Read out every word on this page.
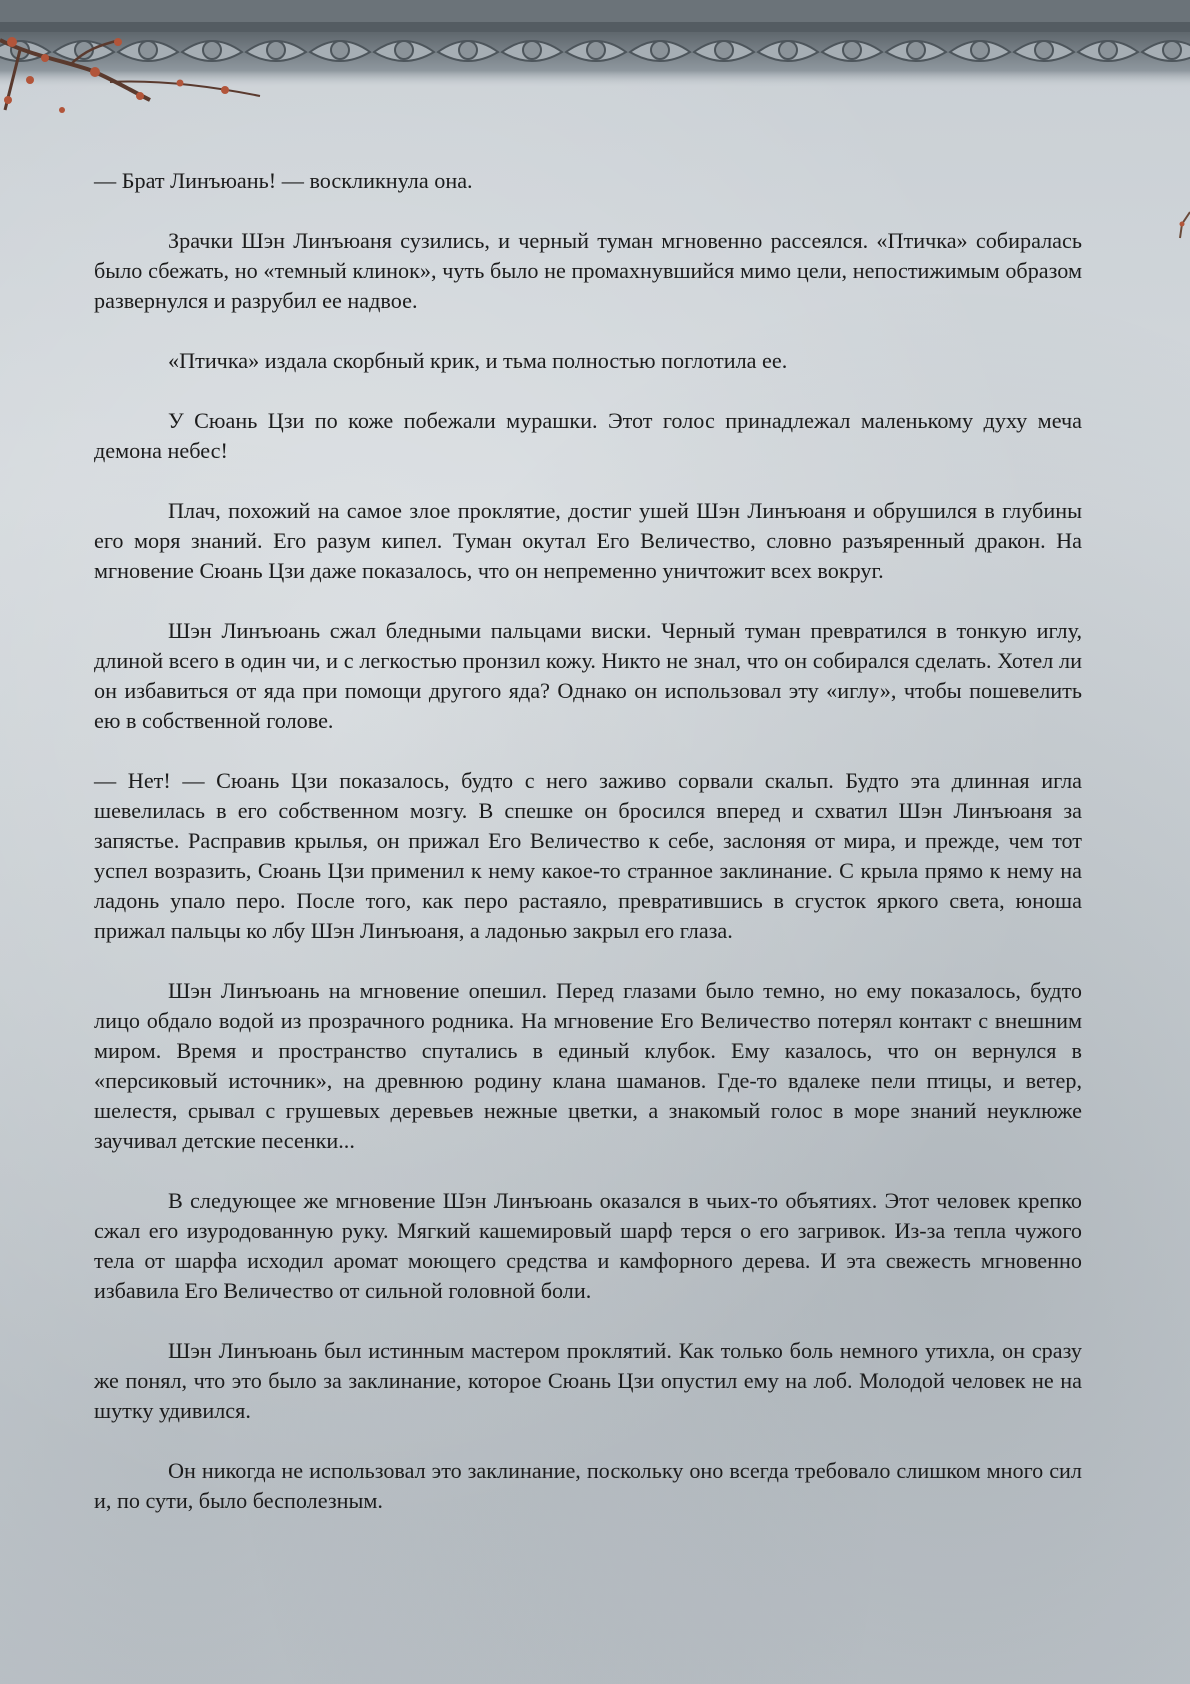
— Брат Линъюань! — воскликнула она.

Зрачки Шэн Линъюаня сузились, и черный туман мгновенно рассеялся. «Птичка» собиралась было сбежать, но «темный клинок», чуть было не промахнувшийся мимо цели, непостижимым образом развернулся и разрубил ее надвое.

«Птичка» издала скорбный крик, и тьма полностью поглотила ее.

У Сюань Цзи по коже побежали мурашки. Этот голос принадлежал маленькому духу меча демона небес!

Плач, похожий на самое злое проклятие, достиг ушей Шэн Линъюаня и обрушился в глубины его моря знаний. Его разум кипел. Туман окутал Его Величество, словно разъяренный дракон. На мгновение Сюань Цзи даже показалось, что он непременно уничтожит всех вокруг.

Шэн Линъюань сжал бледными пальцами виски. Черный туман превратился в тонкую иглу, длиной всего в один чи, и с легкостью пронзил кожу. Никто не знал, что он собирался сделать. Хотел ли он избавиться от яда при помощи другого яда? Однако он использовал эту «иглу», чтобы пошевелить ею в собственной голове.

— Нет! — Сюань Цзи показалось, будто с него заживо сорвали скальп. Будто эта длинная игла шевелилась в его собственном мозгу. В спешке он бросился вперед и схватил Шэн Линъюаня за запястье. Расправив крылья, он прижал Его Величество к себе, заслоняя от мира, и прежде, чем тот успел возразить, Сюань Цзи применил к нему какое-то странное заклинание. С крыла прямо к нему на ладонь упало перо. После того, как перо растаяло, превратившись в сгусток яркого света, юноша прижал пальцы ко лбу Шэн Линъюаня, а ладонью закрыл его глаза.

Шэн Линъюань на мгновение опешил. Перед глазами было темно, но ему показалось, будто лицо обдало водой из прозрачного родника. На мгновение Его Величество потерял контакт с внешним миром. Время и пространство спутались в единый клубок. Ему казалось, что он вернулся в «персиковый источник», на древнюю родину клана шаманов. Где-то вдалеке пели птицы, и ветер, шелестя, срывал с грушевых деревьев нежные цветки, а знакомый голос в море знаний неуклюже заучивал детские песенки...

В следующее же мгновение Шэн Линъюань оказался в чьих-то объятиях. Этот человек крепко сжал его изуродованную руку. Мягкий кашемировый шарф терся о его загривок. Из-за тепла чужого тела от шарфа исходил аромат моющего средства и камфорного дерева. И эта свежесть мгновенно избавила Его Величество от сильной головной боли.

Шэн Линъюань был истинным мастером проклятий. Как только боль немного утихла, он сразу же понял, что это было за заклинание, которое Сюань Цзи опустил ему на лоб. Молодой человек не на шутку удивился.

Он никогда не использовал это заклинание, поскольку оно всегда требовало слишком много сил и, по сути, было бесполезным.
